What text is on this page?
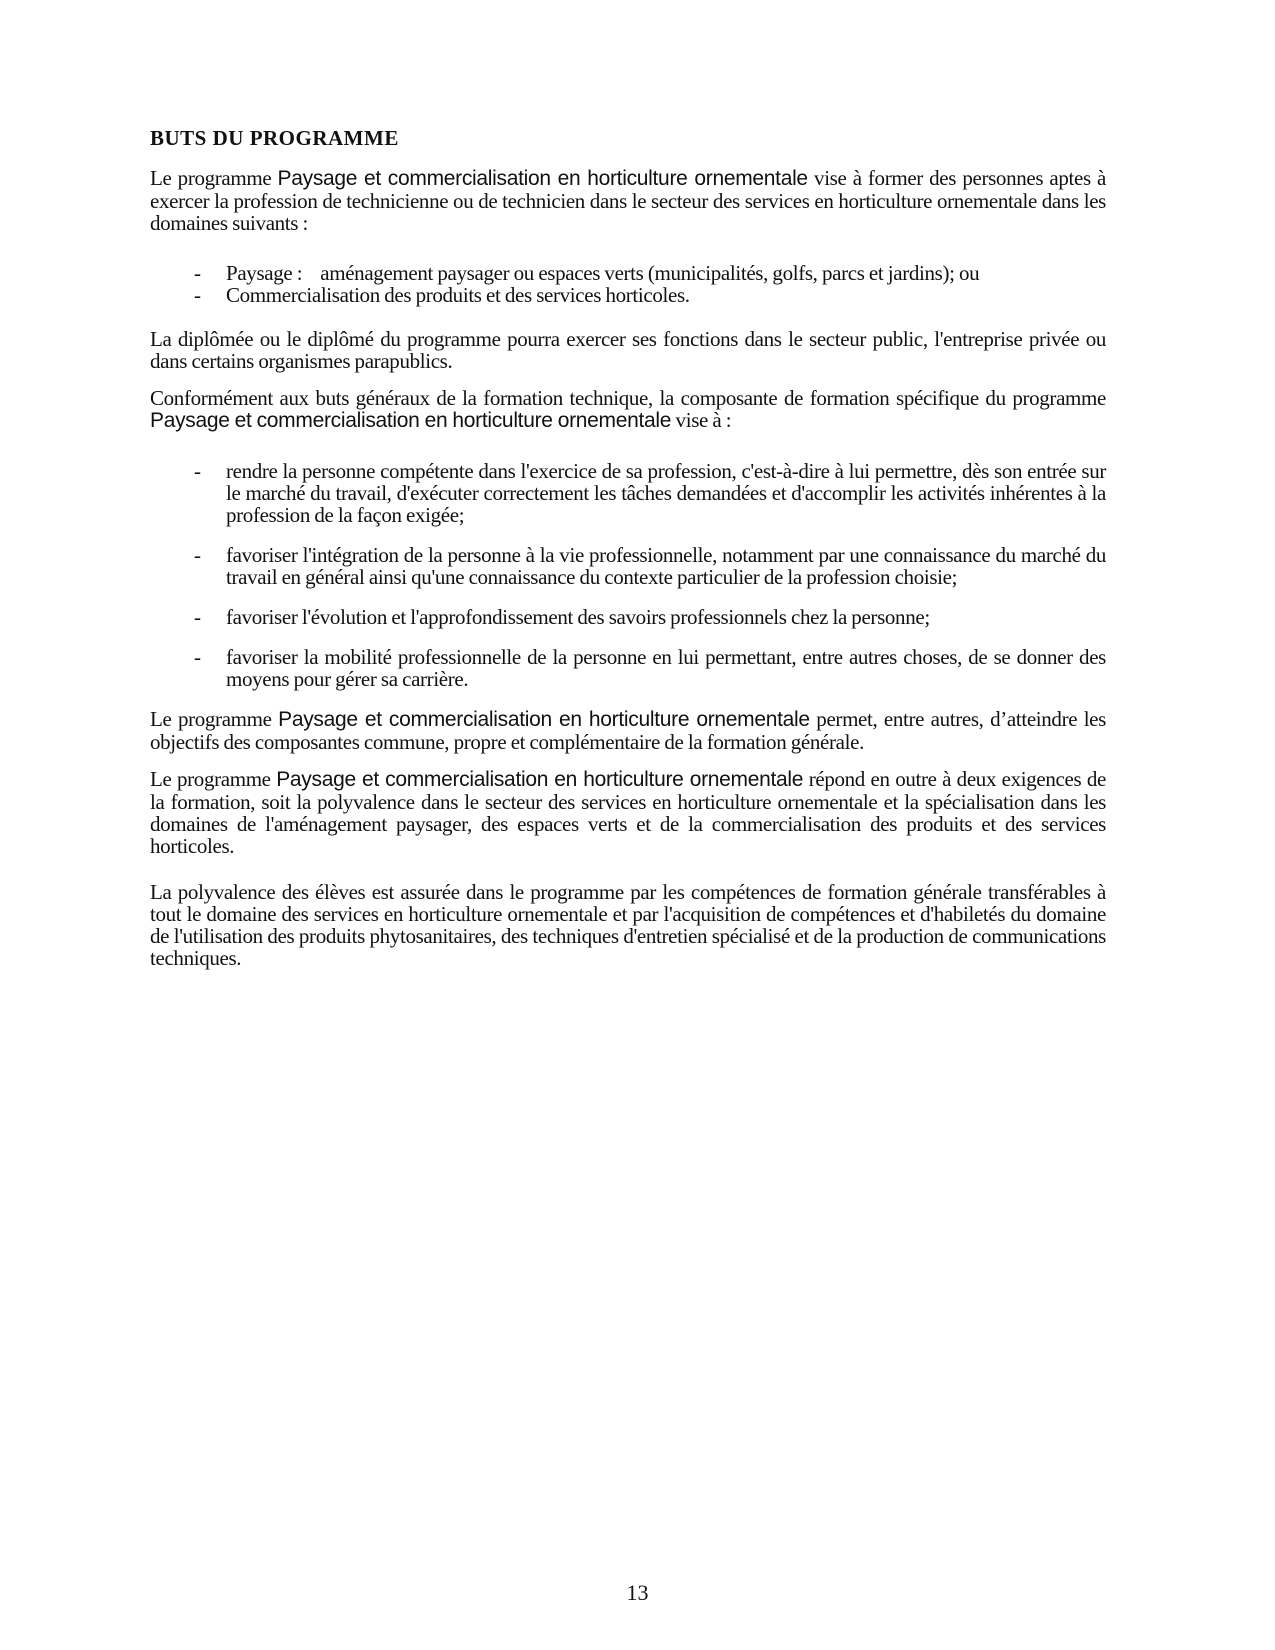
BUTS DU PROGRAMME

Le programme Paysage et commercialisation en horticulture ornementale vise à former des personnes aptes à exercer la profession de technicienne ou de technicien dans le secteur des services en horticulture ornementale dans les domaines suivants :

- Paysage : aménagement paysager ou espaces verts (municipalités, golfs, parcs et jardins); ou
- Commercialisation des produits et des services horticoles.

La diplômée ou le diplômé du programme pourra exercer ses fonctions dans le secteur public, l'entreprise privée ou dans certains organismes parapublics.

Conformément aux buts généraux de la formation technique, la composante de formation spécifique du programme Paysage et commercialisation en horticulture ornementale vise à :

- rendre la personne compétente dans l'exercice de sa profession, c'est-à-dire à lui permettre, dès son entrée sur le marché du travail, d'exécuter correctement les tâches demandées et d'accomplir les activités inhérentes à la profession de la façon exigée;
- favoriser l'intégration de la personne à la vie professionnelle, notamment par une connaissance du marché du travail en général ainsi qu'une connaissance du contexte particulier de la profession choisie;
- favoriser l'évolution et l'approfondissement des savoirs professionnels chez la personne;
- favoriser la mobilité professionnelle de la personne en lui permettant, entre autres choses, de se donner des moyens pour gérer sa carrière.

Le programme Paysage et commercialisation en horticulture ornementale permet, entre autres, d’atteindre les objectifs des composantes commune, propre et complémentaire de la formation générale.

Le programme Paysage et commercialisation en horticulture ornementale répond en outre à deux exigences de la formation, soit la polyvalence dans le secteur des services en horticulture ornementale et la spécialisation dans les domaines de l'aménagement paysager, des espaces verts et de la commercialisation des produits et des services horticoles.

La polyvalence des élèves est assurée dans le programme par les compétences de formation générale transférables à tout le domaine des services en horticulture ornementale et par l'acquisition de compétences et d'habiletés du domaine de l'utilisation des produits phytosanitaires, des techniques d'entretien spécialisé et de la production de communications techniques.

13
